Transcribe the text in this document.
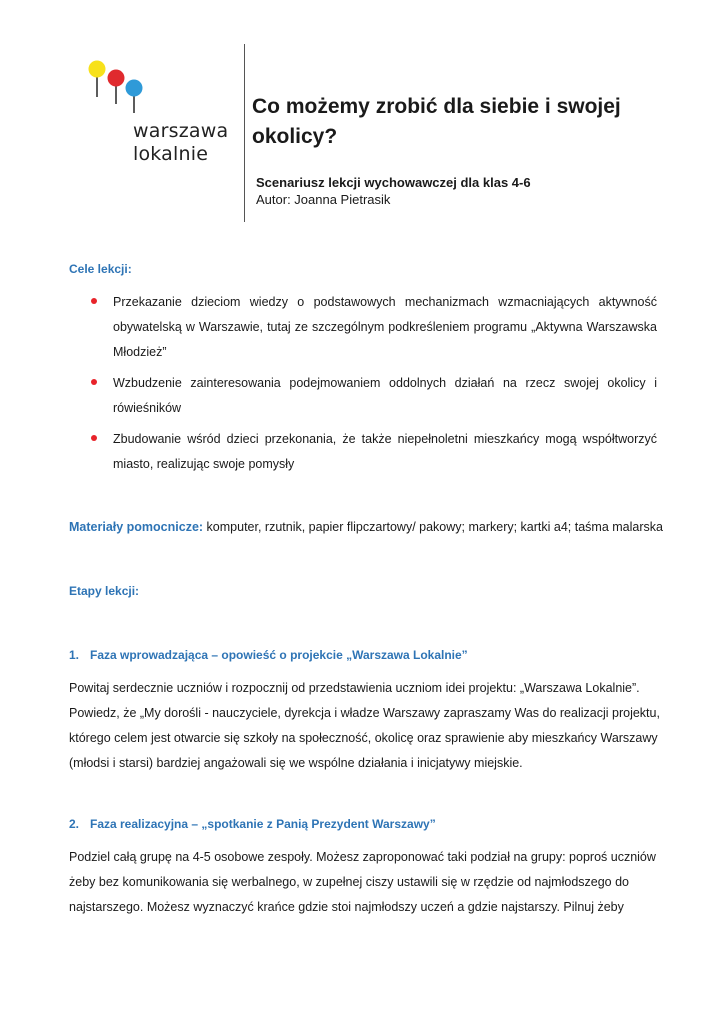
warszawa
lokalnie
Co możemy zrobić dla siebie i swojej
okolicy?
Scenariusz lekcji wychowawczej dla klas 4-6
Autor: Joanna Pietrasik
Cele lekcji:
Przekazanie dzieciom wiedzy o podstawowych mechanizmach wzmacniających aktywność obywatelską w Warszawie, tutaj ze szczególnym podkreśleniem programu „Aktywna Warszawska Młodzież”
Wzbudzenie zainteresowania podejmowaniem oddolnych działań na rzecz swojej okolicy i rówieśników
Zbudowanie wśród dzieci przekonania, że także niepełnoletni mieszkańcy mogą współtworzyć miasto, realizując swoje pomysły
Materiały pomocnicze: komputer, rzutnik, papier flipczartowy/ pakowy; markery; kartki a4; taśma malarska
Etapy lekcji:
1. Faza wprowadzająca – opowieść o projekcie „Warszawa Lokalnie”
Powitaj serdecznie uczniów i rozpocznij od przedstawienia uczniom idei projektu: „Warszawa Lokalnie”.
Powiedz, że „My dorośli - nauczyciele, dyrekcja i władze Warszawy zapraszamy Was do realizacji projektu,
którego celem jest otwarcie się szkoły na społeczność, okolicę oraz sprawienie aby mieszkańcy Warszawy
(młodsi i starsi) bardziej angażowali się we wspólne działania i inicjatywy miejskie.
2. Faza realizacyjna – „spotkanie z Panią Prezydent Warszawy”
Podziel całą grupę na 4-5 osobowe zespoły. Możesz zaproponować taki podział na grupy: poproś uczniów
żeby bez komunikowania się werbalnego, w zupełnej ciszy ustawili się w rzędzie od najmłodszego do
najstarszego. Możesz wyznaczyć krańce gdzie stoi najmłodszy uczeń a gdzie najstarszy. Pilnuj żeby
